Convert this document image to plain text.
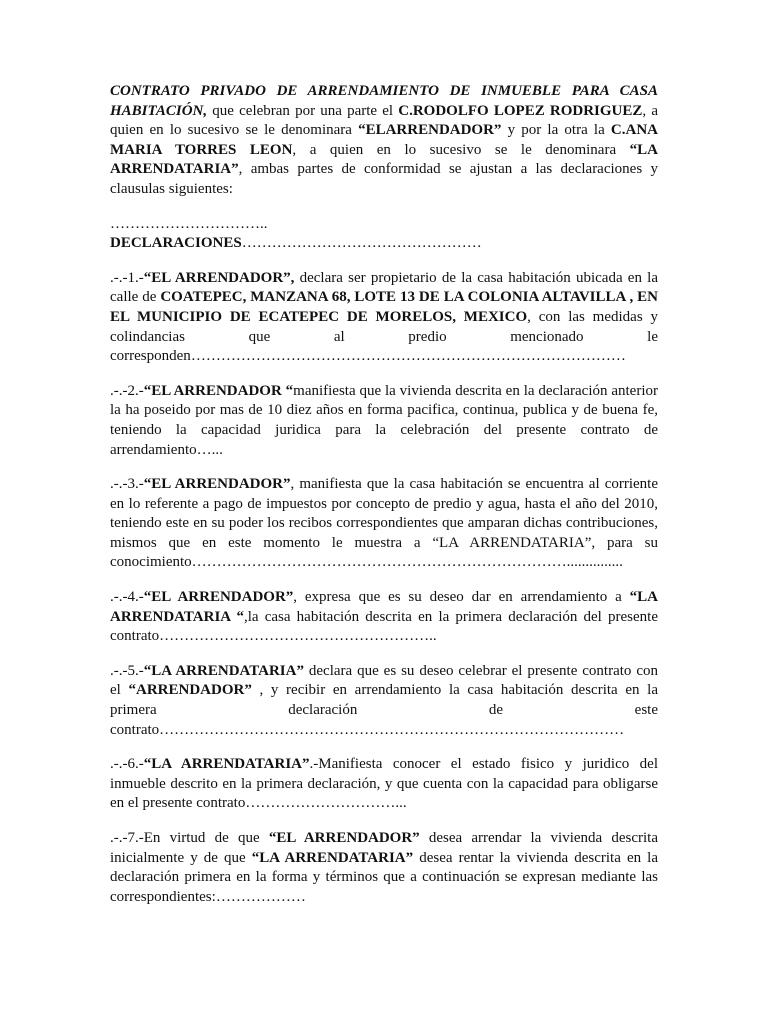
CONTRATO PRIVADO DE ARRENDAMIENTO DE INMUEBLE PARA CASA HABITACIÓN, que celebran por una parte el C.RODOLFO LOPEZ RODRIGUEZ, a quien en lo sucesivo se le denominara “ELARRENDADOR” y por la otra la C.ANA MARIA TORRES LEON, a quien en lo sucesivo se le denominara “LA ARRENDATARIA”, ambas partes de conformidad se ajustan a las declaraciones y clausulas siguientes:

…………………………..

DECLARACIONES…………………………………………

.-.-1.-“EL ARRENDADOR”, declara ser propietario de la casa habitación ubicada en la calle de COATEPEC, MANZANA 68, LOTE 13 DE LA COLONIA ALTAVILLA , EN EL MUNICIPIO DE ECATEPEC DE MORELOS, MEXICO, con las medidas y colindancias que al predio mencionado le corresponden……………………………………………………………………………

.-.-2.-“EL ARRENDADOR “manifiesta que la vivienda descrita en la declaración anterior la ha poseido por mas de 10 diez años en forma pacifica, continua, publica y de buena fe, teniendo la capacidad juridica para la celebración del presente contrato de arrendamiento…...

.-.-3.-“EL ARRENDADOR”, manifiesta que la casa habitación se encuentra al corriente en lo referente a pago de impuestos por concepto de predio y agua, hasta el año del 2010, teniendo este en su poder los recibos correspondientes que amparan dichas contribuciones, mismos que en este momento le muestra a “LA ARRENDATARIA”, para su conocimiento…………………………………………………………………...............

.-.-4.-“EL ARRENDADOR”, expresa que es su deseo dar en arrendamiento a “LA ARRENDATARIA “,la casa habitación descrita en la primera declaración del presente contrato………………………………………………..

.-.-5.-“LA ARRENDATARIA” declara que es su deseo celebrar el presente contrato con el “ARRENDADOR” , y recibir en arrendamiento la casa habitación descrita en la primera declaración de este contrato…………………………………………………………………………………

.-.-6.-“LA ARRENDATARIA”.-Manifiesta conocer el estado fisico y juridico del inmueble descrito en la primera declaración, y que cuenta con la capacidad para obligarse en el presente contrato…………………………...

.-.-7.-En virtud de que “EL ARRENDADOR” desea arrendar la vivienda descrita inicialmente y de que “LA ARRENDATARIA” desea rentar la vivienda descrita en la declaración primera en la forma y términos que a continuación se expresan mediante las correspondientes:………………
